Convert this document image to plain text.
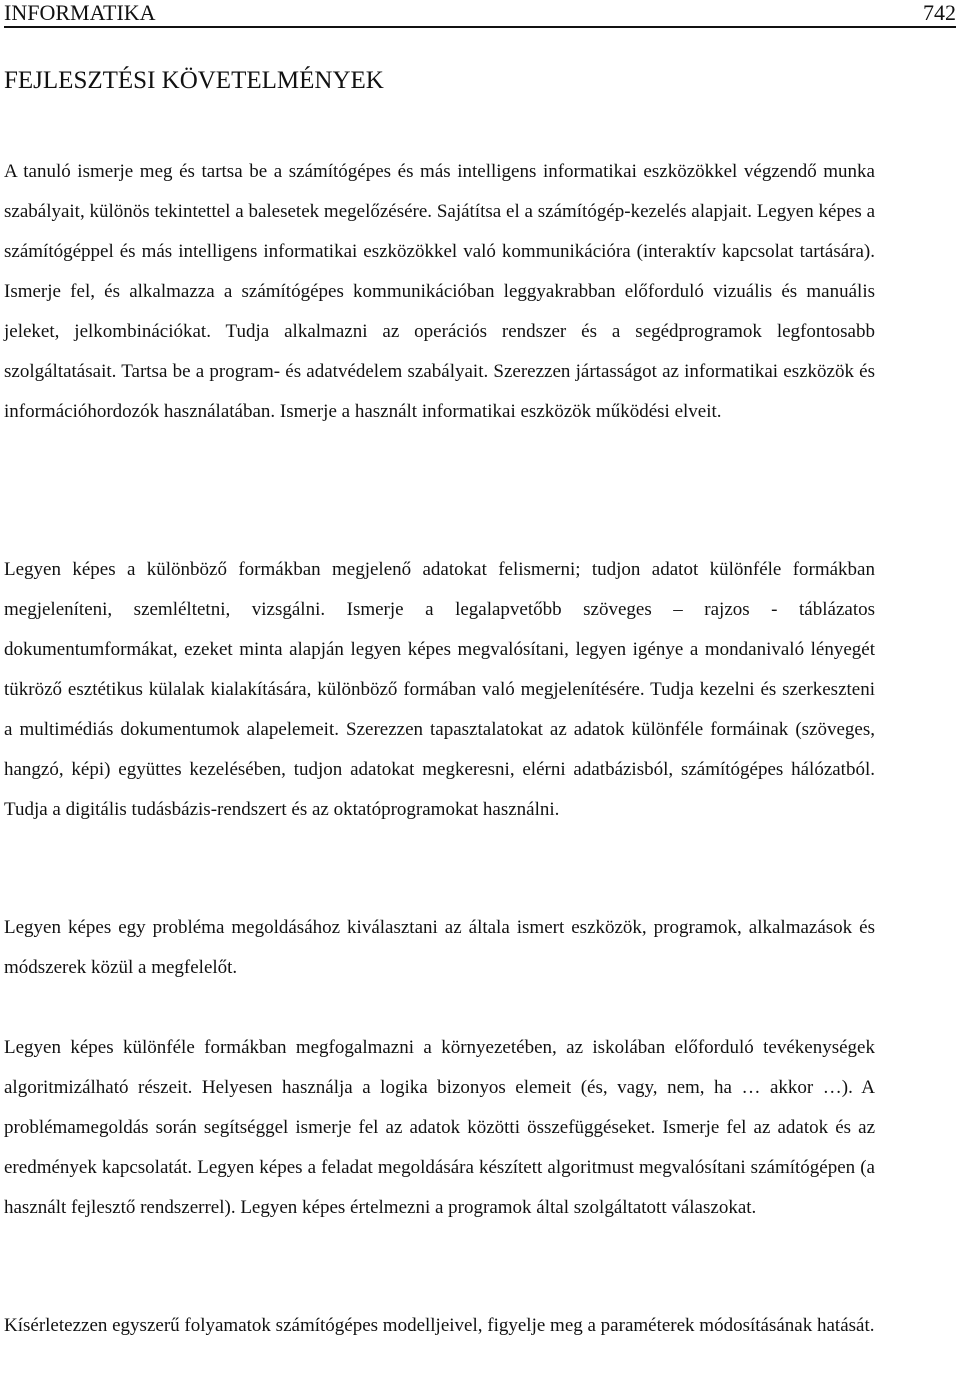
INFORMATIKA	742
FEJLESZTÉSI KÖVETELMÉNYEK

A tanuló ismerje meg és tartsa be a számítógépes és más intelligens informatikai eszközökkel végzendő munka szabályait, különös tekintettel a balesetek megelőzésére. Sajátítsa el a számítógép-kezelés alapjait. Legyen képes a számítógéppel és más intelligens informatikai eszközökkel való kommunikációra (interaktív kapcsolat tartására). Ismerje fel, és alkalmazza a számítógépes kommunikációban leggyakrabban előforduló vizuális és manuális jeleket, jelkombinációkat. Tudja alkalmazni az operációs rendszer és a segédprogramok legfontosabb szolgáltatásait. Tartsa be a program- és adatvédelem szabályait. Szerezzen jártasságot az informatikai eszközök és információhordozók használatában. Ismerje a használt informatikai eszközök működési elveit.

Legyen képes a különböző formákban megjelenő adatokat felismerni; tudjon adatot különféle formákban megjeleníteni, szemléltetni, vizsgálni. Ismerje a legalapvetőbb szöveges – rajzos - táblázatos dokumentumformákat, ezeket minta alapján legyen képes megvalósítani, legyen igénye a mondanivaló lényegét tükröző esztétikus külalak kialakítására, különböző formában való megjelenítésére. Tudja kezelni és szerkeszteni a multimédiás dokumentumok alapelemeit. Szerezzen tapasztalatokat az adatok különféle formáinak (szöveges, hangzó, képi) együttes kezelésében, tudjon adatokat megkeresni, elérni adatbázisból, számítógépes hálózatból. Tudja a digitális tudásbázis-rendszert és az oktatóprogramokat használni.

Legyen képes egy probléma megoldásához kiválasztani az általa ismert eszközök, programok, alkalmazások és módszerek közül a megfelelőt.

Legyen képes különféle formákban megfogalmazni a környezetében, az iskolában előforduló tevékenységek algoritmizálható részeit. Helyesen használja a logika bizonyos elemeit (és, vagy, nem, ha … akkor …). A problémamegoldás során segítséggel ismerje fel az adatok közötti összefüggéseket. Ismerje fel az adatok és az eredmények kapcsolatát. Legyen képes a feladat megoldására készített algoritmust megvalósítani számítógépen (a használt fejlesztő rendszerrel). Legyen képes értelmezni a programok által szolgáltatott válaszokat.

Kísérletezzen egyszerű folyamatok számítógépes modelljeivel, figyelje meg a paraméterek módosításának hatását.
